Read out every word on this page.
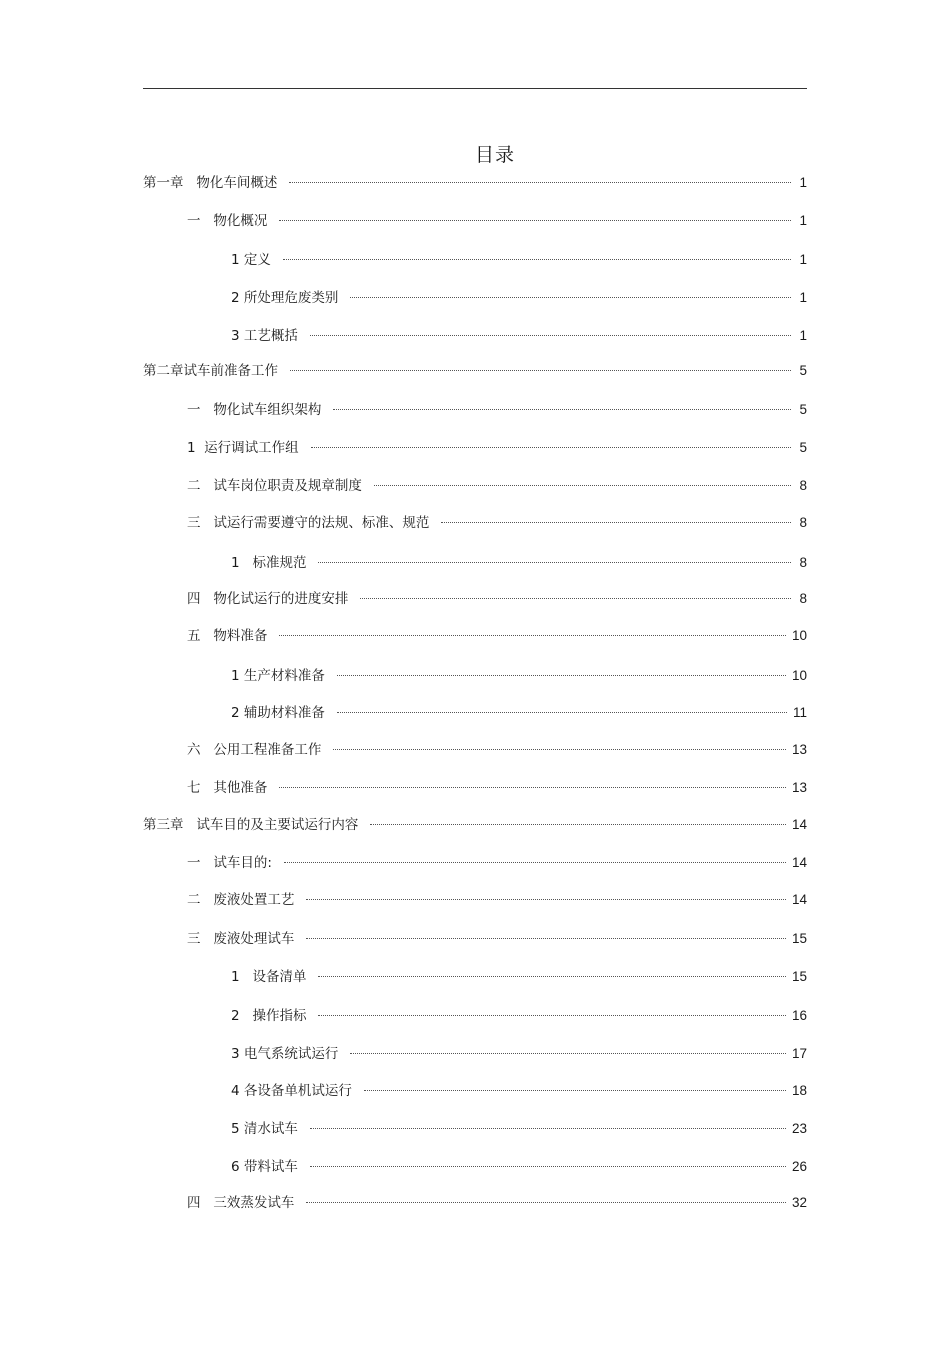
目录
第一章   物化车间概述	1
一   物化概况	1
1 定义	1
2 所处理危废类别	1
3 工艺概括	1
第二章试车前准备工作	5
一   物化试车组织架构	5
1  运行调试工作组	5
二   试车岗位职责及规章制度	8
三   试运行需要遵守的法规、标准、规范	8
1   标准规范	8
四   物化试运行的进度安排	8
五   物料准备	10
1 生产材料准备	10
2 辅助材料准备	11
六   公用工程准备工作	13
七   其他准备	13
第三章   试车目的及主要试运行内容	14
一   试车目的:	14
二   废液处置工艺	14
三   废液处理试车	15
1   设备清单	15
2   操作指标	16
3 电气系统试运行	17
4 各设备单机试运行	18
5 清水试车	23
6 带料试车	26
四   三效蒸发试车	32
